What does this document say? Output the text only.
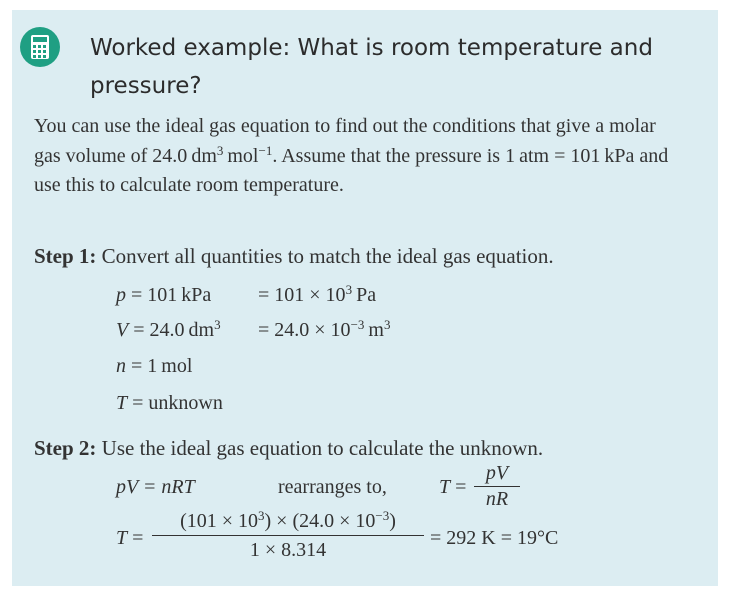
Worked example: What is room temperature and pressure?
You can use the ideal gas equation to find out the conditions that give a molar gas volume of 24.0 $dm^3$ mol$^{-1}$. Assume that the pressure is 1 atm = 101 kPa and use this to calculate room temperature.
Step 1: Convert all quantities to match the ideal gas equation.
p = 101 kPa = $101 \times 10^3$ Pa
V = 24.0 $dm^3 = 24.0 \times 10^{-3}$ $m^3$
n = 1 mol
T = unknown
Step 2: Use the ideal gas equation to calculate the unknown.
pV = nRT	rearranges to,	T =
pV
nR
T =
$(101 \times 10^3) \times (24.0 \times 10^{-3})$
1 × 8.314
= 292 K = 19°C
